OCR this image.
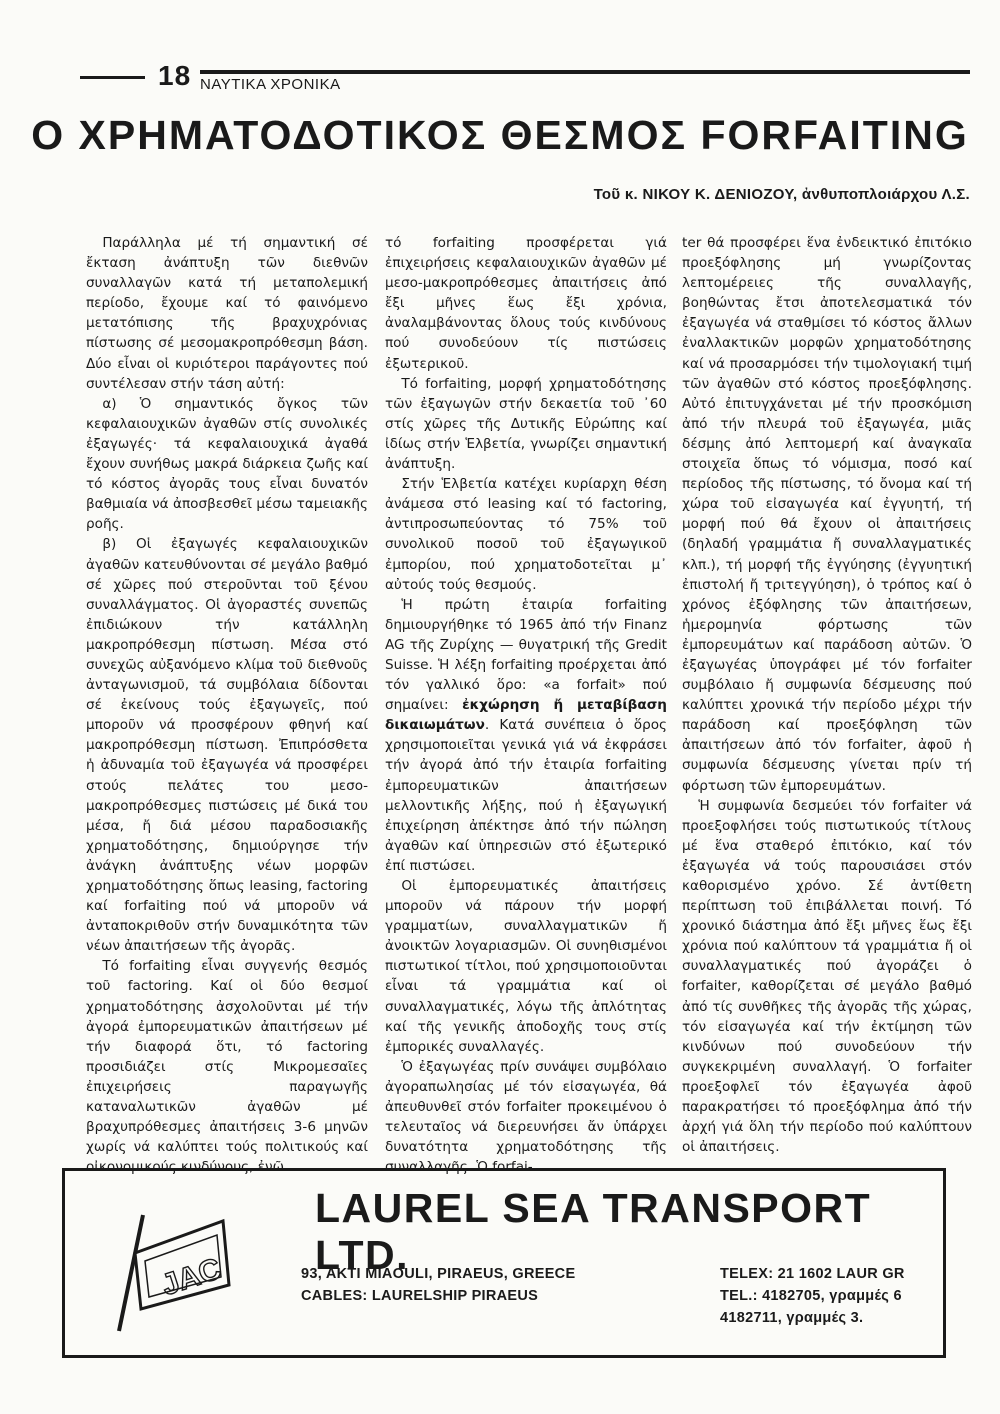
18 ΝΑΥΤΙΚΑ ΧΡΟΝΙΚΑ
Ο ΧΡΗΜΑΤΟΔΟΤΙΚΟΣ ΘΕΣΜΟΣ FORFAITING
Τοῦ κ. ΝΙΚΟΥ Κ. ΔΕΝΙΟΖΟΥ, ἀνθυποπλοιάρχου Λ.Σ.

Παράλληλα μέ τή σημαντική σέ ἔκταση ἀνάπτυξη τῶν διεθνῶν συναλλαγῶν κατά τή μεταπολεμική περίοδο, ἔχουμε καί τό φαινόμενο μετατόπισης τῆς βραχυχρόνιας πίστωσης σέ μεσομακροπρόθεσμη βάση. Δύο εἶναι οἱ κυριότεροι παράγοντες πού συντέλεσαν στήν τάση αὐτή:

α) Ὁ σημαντικός ὄγκος τῶν κεφαλαιουχικῶν ἀγαθῶν στίς συνολικές ἐξαγωγές· τά κεφαλαιουχικά ἀγαθά ἔχουν συνήθως μακρά διάρκεια ζωῆς καί τό κόστος ἀγορᾶς τους εἶναι δυνατόν βαθμιαία νά ἀποσβεσθεῖ μέσω ταμειακῆς ροῆς.

β) Οἱ ἐξαγωγές κεφαλαιουχικῶν ἀγαθῶν κατευθύνονται σέ μεγάλο βαθμό σέ χῶρες πού στεροῦνται τοῦ ξένου συναλλάγματος. Οἱ ἀγοραστές συνεπῶς ἐπιδιώκουν τήν κατάλληλη μακροπρόθεσμη πίστωση. Μέσα στό συνεχῶς αὐξανόμενο κλίμα τοῦ διεθνοῦς ἀνταγωνισμοῦ, τά συμβόλαια δίδονται σέ ἐκείνους τούς ἐξαγωγεῖς, πού μποροῦν νά προσφέρουν φθηνή καί μακροπρόθεσμη πίστωση. Ἐπιπρόσθετα ἡ ἀδυναμία τοῦ ἐξαγωγέα νά προσφέρει στούς πελάτες του μεσο-μακροπρόθεσμες πιστώσεις μέ δικά του μέσα, ἤ διά μέσου παραδοσιακῆς χρηματοδότησης, δημιούργησε τήν ἀνάγκη ἀνάπτυξης νέων μορφῶν χρηματοδότησης ὅπως leasing, factoring καί forfaiting πού νά μποροῦν νά ἀνταποκριθοῦν στήν δυναμικότητα τῶν νέων ἀπαιτήσεων τῆς ἀγορᾶς.

Τό forfaiting εἶναι συγγενής θεσμός τοῦ factoring. Καί οἱ δύο θεσμοί χρηματοδότησης ἀσχολοῦνται μέ τήν ἀγορά ἐμπορευματικῶν ἀπαιτήσεων μέ τήν διαφορά ὅτι, τό factoring προσιδιάζει στίς Μικρομεσαῖες ἐπιχειρήσεις παραγωγῆς καταναλωτικῶν ἀγαθῶν μέ βραχυπρόθεσμες ἀπαιτήσεις 3-6 μηνῶν χωρίς νά καλύπτει τούς πολιτικούς καί οἰκονομικούς κινδύνους, ἐνῶ

τό forfaiting προσφέρεται γιά ἐπιχειρήσεις κεφαλαιουχικῶν ἀγαθῶν μέ μεσο-μακροπρόθεσμες ἀπαιτήσεις ἀπό ἔξι μῆνες ἕως ἔξι χρόνια, ἀναλαμβάνοντας ὅλους τούς κινδύνους πού συνοδεύουν τίς πιστώσεις ἐξωτερικοῦ.

Τό forfaiting, μορφή χρηματοδότησης τῶν ἐξαγωγῶν στήν δεκαετία τοῦ ᾽60 στίς χῶρες τῆς Δυτικῆς Εὐρώπης καί ἰδίως στήν Ἑλβετία, γνωρίζει σημαντική ἀνάπτυξη.

Στήν Ἑλβετία κατέχει κυρίαρχη θέση ἀνάμεσα στό leasing καί τό factoring, ἀντιπροσωπεύοντας τό 75% τοῦ συνολικοῦ ποσοῦ τοῦ ἐξαγωγικοῦ ἐμπορίου, πού χρηματοδοτεῖται μ᾽ αὐτούς τούς θεσμούς.

Ἡ πρώτη ἑταιρία forfaiting δημιουργήθηκε τό 1965 ἀπό τήν Finanz AG τῆς Ζυρίχης — θυγατρική τῆς Gredit Suisse. Ἡ λέξη forfaiting προέρχεται ἀπό τόν γαλλικό ὅρο: «a forfait» πού σημαίνει: ἐκχώρηση ἤ μεταβίβαση δικαιωμάτων. Κατά συνέπεια ὁ ὅρος χρησιμοποιεῖται γενικά γιά νά ἐκφράσει τήν ἀγορά ἀπό τήν ἑταιρία forfaiting ἐμπορευματικῶν ἀπαιτήσεων μελλοντικῆς λήξης, πού ἡ ἐξαγωγική ἐπιχείρηση ἀπέκτησε ἀπό τήν πώληση ἀγαθῶν καί ὑπηρεσιῶν στό ἐξωτερικό ἐπί πιστώσει.

Οἱ ἐμπορευματικές ἀπαιτήσεις μποροῦν νά πάρουν τήν μορφή γραμματίων, συναλλαγματικῶν ἤ ἀνοικτῶν λογαριασμῶν. Οἱ συνηθισμένοι πιστωτικοί τίτλοι, πού χρησιμοποιοῦνται εἶναι τά γραμμάτια καί οἱ συναλλαγματικές, λόγω τῆς ἁπλότητας καί τῆς γενικῆς ἀποδοχῆς τους στίς ἐμπορικές συναλλαγές.

Ὁ ἐξαγωγέας πρίν συνάψει συμβόλαιο ἀγοραπωλησίας μέ τόν εἰσαγωγέα, θά ἀπευθυνθεῖ στόν forfaiter προκειμένου ὁ τελευταῖος νά διερευνήσει ἄν ὑπάρχει δυνατότητα χρηματοδότησης τῆς συναλλαγῆς. Ὁ forfai-

ter θά προσφέρει ἕνα ἐνδεικτικό ἐπιτόκιο προεξόφλησης μή γνωρίζοντας λεπτομέρειες τῆς συναλλαγῆς, βοηθώντας ἔτσι ἀποτελεσματικά τόν ἐξαγωγέα νά σταθμίσει τό κόστος ἄλλων ἐναλλακτικῶν μορφῶν χρηματοδότησης καί νά προσαρμόσει τήν τιμολογιακή τιμή τῶν ἀγαθῶν στό κόστος προεξόφλησης. Αὐτό ἐπιτυγχάνεται μέ τήν προσκόμιση ἀπό τήν πλευρά τοῦ ἐξαγωγέα, μιᾶς δέσμης ἀπό λεπτομερή καί ἀναγκαῖα στοιχεῖα ὅπως τό νόμισμα, ποσό καί περίοδος τῆς πίστωσης, τό ὄνομα καί τή χώρα τοῦ εἰσαγωγέα καί ἐγγυητή, τή μορφή πού θά ἔχουν οἱ ἀπαιτήσεις (δηλαδή γραμμάτια ἤ συναλλαγματικές κλπ.), τή μορφή τῆς ἐγγύησης (ἐγγυητική ἐπιστολή ἤ τριτεγγύηση), ὁ τρόπος καί ὁ χρόνος ἐξόφλησης τῶν ἀπαιτήσεων, ἡμερομηνία φόρτωσης τῶν ἐμπορευμάτων καί παράδοση αὐτῶν. Ὁ ἐξαγωγέας ὑπογράφει μέ τόν forfaiter συμβόλαιο ἤ συμφωνία δέσμευσης πού καλύπτει χρονικά τήν περίοδο μέχρι τήν παράδοση καί προεξόφληση τῶν ἀπαιτήσεων ἀπό τόν forfaiter, ἀφοῦ ἡ συμφωνία δέσμευσης γίνεται πρίν τή φόρτωση τῶν ἐμπορευμάτων.

Ἡ συμφωνία δεσμεύει τόν forfaiter νά προεξοφλήσει τούς πιστωτικούς τίτλους μέ ἕνα σταθερό ἐπιτόκιο, καί τόν ἐξαγωγέα νά τούς παρουσιάσει στόν καθορισμένο χρόνο. Σέ ἀντίθετη περίπτωση τοῦ ἐπιβάλλεται ποινή. Τό χρονικό διάστημα ἀπό ἔξι μῆνες ἕως ἔξι χρόνια πού καλύπτουν τά γραμμάτια ἤ οἱ συναλλαγματικές πού ἀγοράζει ὁ forfaiter, καθορίζεται σέ μεγάλο βαθμό ἀπό τίς συνθῆκες τῆς ἀγορᾶς τῆς χώρας, τόν εἰσαγωγέα καί τήν ἐκτίμηση τῶν κινδύνων πού συνοδεύουν τήν συγκεκριμένη συναλλαγή. Ὁ forfaiter προεξοφλεῖ τόν ἐξαγωγέα ἀφοῦ παρακρατήσει τό προεξόφλημα ἀπό τήν ἀρχή γιά ὅλη τήν περίοδο πού καλύπτουν οἱ ἀπαιτήσεις.

JAC
LAUREL SEA TRANSPORT LTD.
93, AKTI MIAOULI, PIRAEUS, GREECE
CABLES: LAURELSHIP PIRAEUS
TELEX: 21 1602 LAUR GR
TEL.: 4182705, γραμμές 6
4182711, γραμμές 3.
